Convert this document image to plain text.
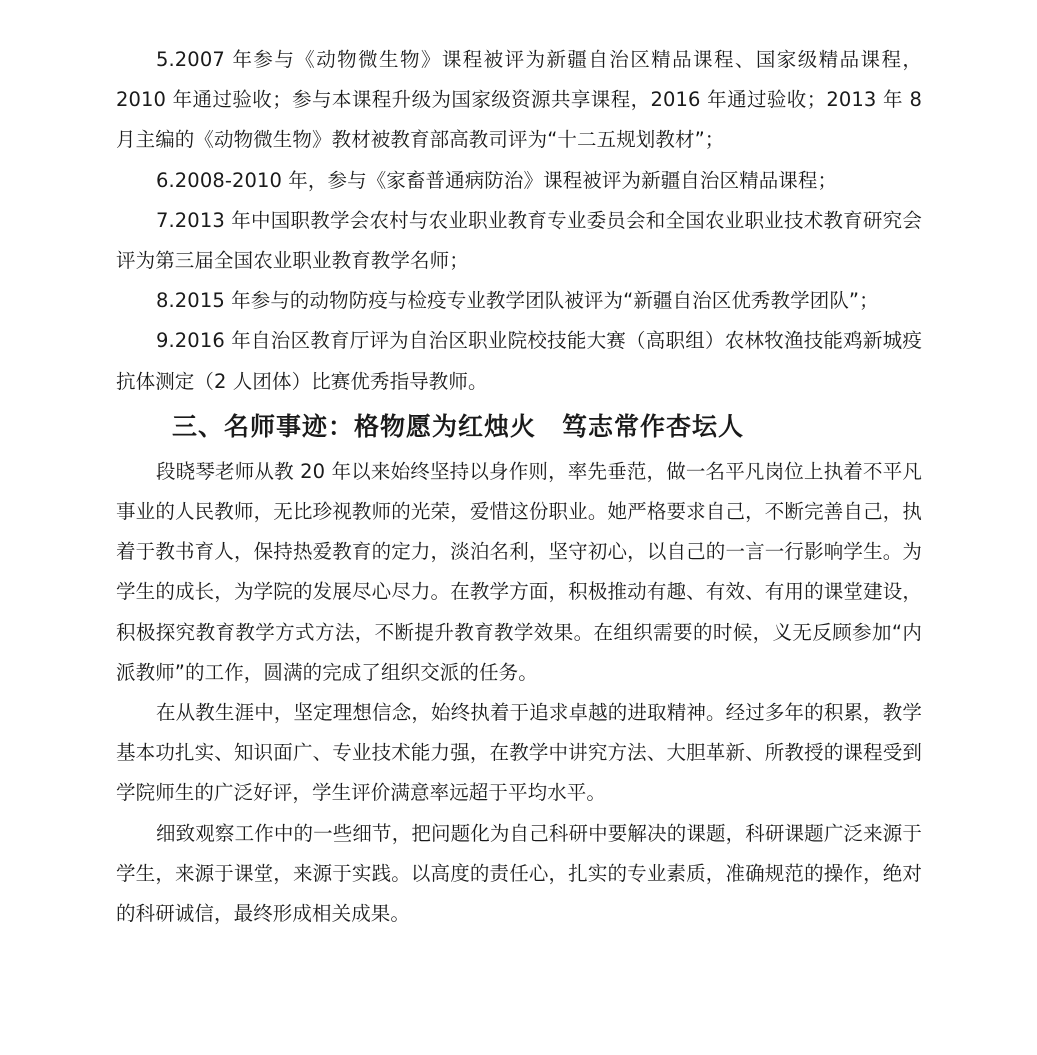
5.2007 年参与《动物微生物》课程被评为新疆自治区精品课程、国家级精品课程，2010 年通过验收；参与本课程升级为国家级资源共享课程，2016 年通过验收；2013 年 8 月主编的《动物微生物》教材被教育部高教司评为“十二五规划教材”；

6.2008-2010 年，参与《家畜普通病防治》课程被评为新疆自治区精品课程；

7.2013 年中国职教学会农村与农业职业教育专业委员会和全国农业职业技术教育研究会评为第三届全国农业职业教育教学名师；

8.2015 年参与的动物防疫与检疫专业教学团队被评为“新疆自治区优秀教学团队”；

9.2016 年自治区教育厅评为自治区职业院校技能大赛（高职组）农林牧渔技能鸡新城疫抗体测定（2 人团体）比赛优秀指导教师。

三、名师事迹：格物愿为红烛火　笃志常作杏坛人

段晓琴老师从教 20 年以来始终坚持以身作则，率先垂范，做一名平凡岗位上执着不平凡事业的人民教师，无比珍视教师的光荣，爱惜这份职业。她严格要求自己，不断完善自己，执着于教书育人，保持热爱教育的定力，淡泊名利，坚守初心，以自己的一言一行影响学生。为学生的成长，为学院的发展尽心尽力。在教学方面，积极推动有趣、有效、有用的课堂建设，积极探究教育教学方式方法，不断提升教育教学效果。在组织需要的时候，义无反顾参加“内派教师”的工作，圆满的完成了组织交派的任务。

在从教生涯中，坚定理想信念，始终执着于追求卓越的进取精神。经过多年的积累，教学基本功扎实、知识面广、专业技术能力强，在教学中讲究方法、大胆革新、所教授的课程受到学院师生的广泛好评，学生评价满意率远超于平均水平。

细致观察工作中的一些细节，把问题化为自己科研中要解决的课题，科研课题广泛来源于学生，来源于课堂，来源于实践。以高度的责任心，扎实的专业素质，准确规范的操作，绝对的科研诚信，最终形成相关成果。
